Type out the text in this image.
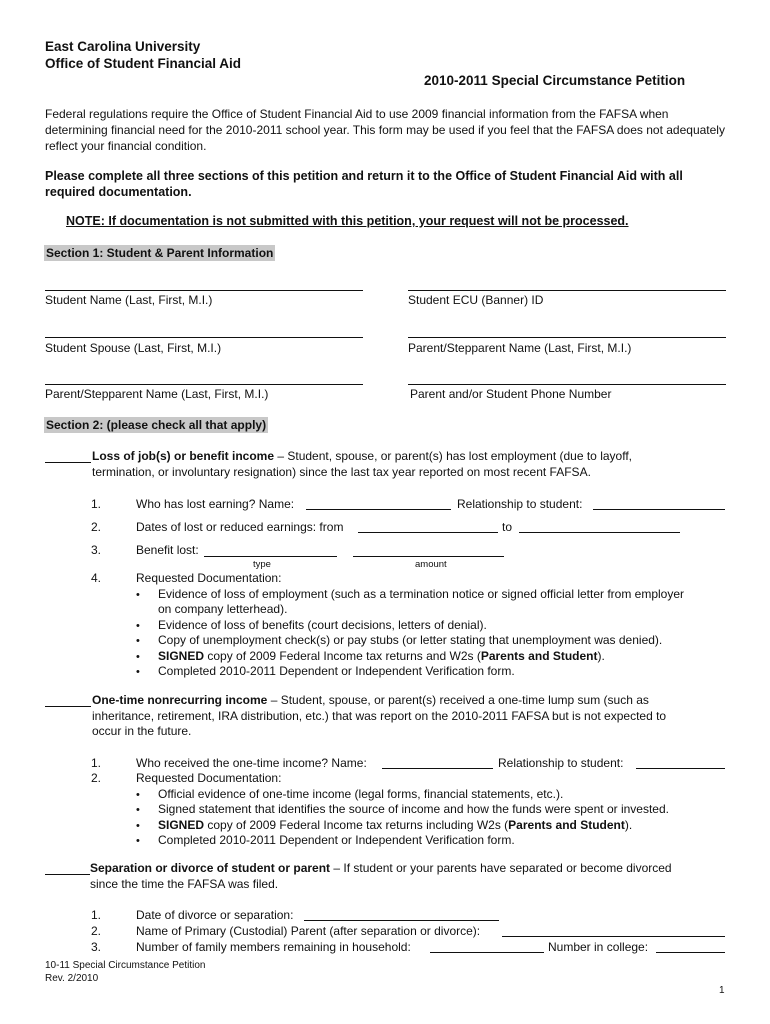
East Carolina University
Office of Student Financial Aid
2010-2011 Special Circumstance Petition
Federal regulations require the Office of Student Financial Aid to use 2009 financial information from the FAFSA when determining financial need for the 2010-2011 school year. This form may be used if you feel that the FAFSA does not adequately reflect your financial condition.
Please complete all three sections of this petition and return it to the Office of Student Financial Aid with all required documentation.
NOTE: If documentation is not submitted with this petition, your request will not be processed.
Section 1: Student & Parent Information
Student Name (Last, First, M.I.)	Student ECU (Banner) ID
Student Spouse (Last, First, M.I.)	Parent/Stepparent Name (Last, First, M.I.)
Parent/Stepparent Name (Last, First, M.I.)	Parent and/or Student Phone Number
Section 2: (please check all that apply)
Loss of job(s) or benefit income – Student, spouse, or parent(s) has lost employment (due to layoff,
termination, or involuntary resignation) since the last tax year reported on most recent FAFSA.
1.	Who has lost earning? Name:	Relationship to student:
2.	Dates of lost or reduced earnings: from	to
3.	Benefit lost:
type	amount
4.	Requested Documentation:
• Evidence of loss of employment (such as a termination notice or signed official letter from employer
on company letterhead).
• Evidence of loss of benefits (court decisions, letters of denial).
• Copy of unemployment check(s) or pay stubs (or letter stating that unemployment was denied).
• SIGNED copy of 2009 Federal Income tax returns and W2s (Parents and Student).
• Completed 2010-2011 Dependent or Independent Verification form.
One-time nonrecurring income – Student, spouse, or parent(s) received a one-time lump sum (such as
inheritance, retirement, IRA distribution, etc.) that was report on the 2010-2011 FAFSA but is not expected to
occur in the future.
1.	Who received the one-time income? Name:	Relationship to student:
2.	Requested Documentation:
• Official evidence of one-time income (legal forms, financial statements, etc.).
• Signed statement that identifies the source of income and how the funds were spent or invested.
• SIGNED copy of 2009 Federal Income tax returns including W2s (Parents and Student).
• Completed 2010-2011 Dependent or Independent Verification form.
Separation or divorce of student or parent – If student or your parents have separated or become divorced
since the time the FAFSA was filed.
1.	Date of divorce or separation:
2.	Name of Primary (Custodial) Parent (after separation or divorce):
3.	Number of family members remaining in household:	Number in college:
10-11 Special Circumstance Petition
Rev. 2/2010
1
